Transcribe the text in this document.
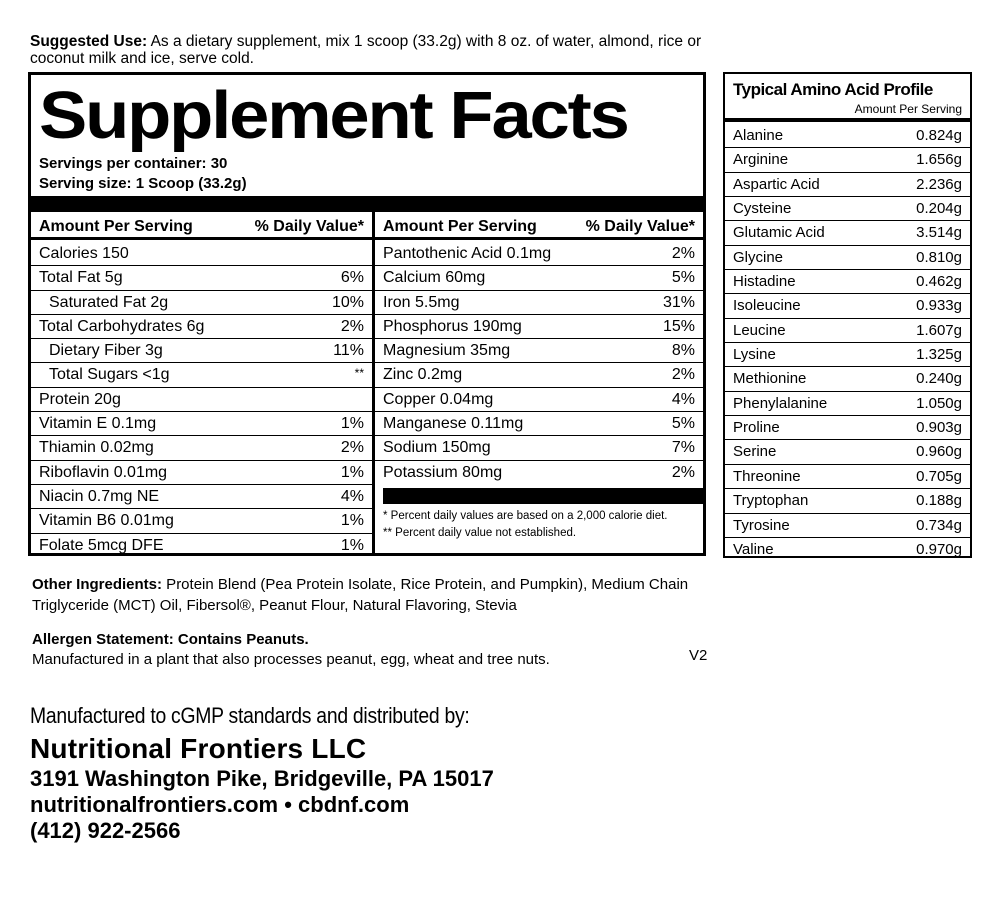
Suggested Use: As a dietary supplement, mix 1 scoop (33.2g) with 8 oz. of water, almond, rice or coconut milk and ice, serve cold.
Supplement Facts
Servings per container: 30
Serving size: 1 Scoop (33.2g)
Amount Per Serving	% Daily Value* Amount Per Serving	% Daily Value*
Calories 150
Total Fat 5g	6%
Saturated Fat 2g	10%
Total Carbohydrates 6g	2%
Dietary Fiber 3g	11%
Total Sugars <1g	**
Protein 20g
Vitamin E 0.1mg	1%
Thiamin 0.02mg	2%
Riboflavin 0.01mg	1%
Niacin 0.7mg NE	4%
Vitamin B6 0.01mg	1%
Folate 5mcg DFE	1%
Pantothenic Acid 0.1mg	2%
Calcium 60mg	5%
Iron 5.5mg	31%
Phosphorus 190mg	15%
Magnesium 35mg	8%
Zinc 0.2mg	2%
Copper 0.04mg	4%
Manganese 0.11mg	5%
Sodium 150mg	7%
Potassium 80mg	2%
* Percent daily values are based on a 2,000 calorie diet.
** Percent daily value not established.
Typical Amino Acid Profile
Amount Per Serving
Alanine	0.824g
Arginine	1.656g
Aspartic Acid	2.236g
Cysteine	0.204g
Glutamic Acid	3.514g
Glycine	0.810g
Histadine	0.462g
Isoleucine	0.933g
Leucine	1.607g
Lysine	1.325g
Methionine	0.240g
Phenylalanine	1.050g
Proline	0.903g
Serine	0.960g
Threonine	0.705g
Tryptophan	0.188g
Tyrosine	0.734g
Valine	0.970g
Other Ingredients: Protein Blend (Pea Protein Isolate, Rice Protein, and Pumpkin), Medium Chain Triglyceride (MCT) Oil, Fibersol®, Peanut Flour, Natural Flavoring, Stevia
Allergen Statement: Contains Peanuts.
Manufactured in a plant that also processes peanut, egg, wheat and tree nuts.	V2
Manufactured to cGMP standards and distributed by:
Nutritional Frontiers LLC
3191 Washington Pike, Bridgeville, PA 15017
nutritionalfrontiers.com • cbdnf.com
(412) 922-2566
